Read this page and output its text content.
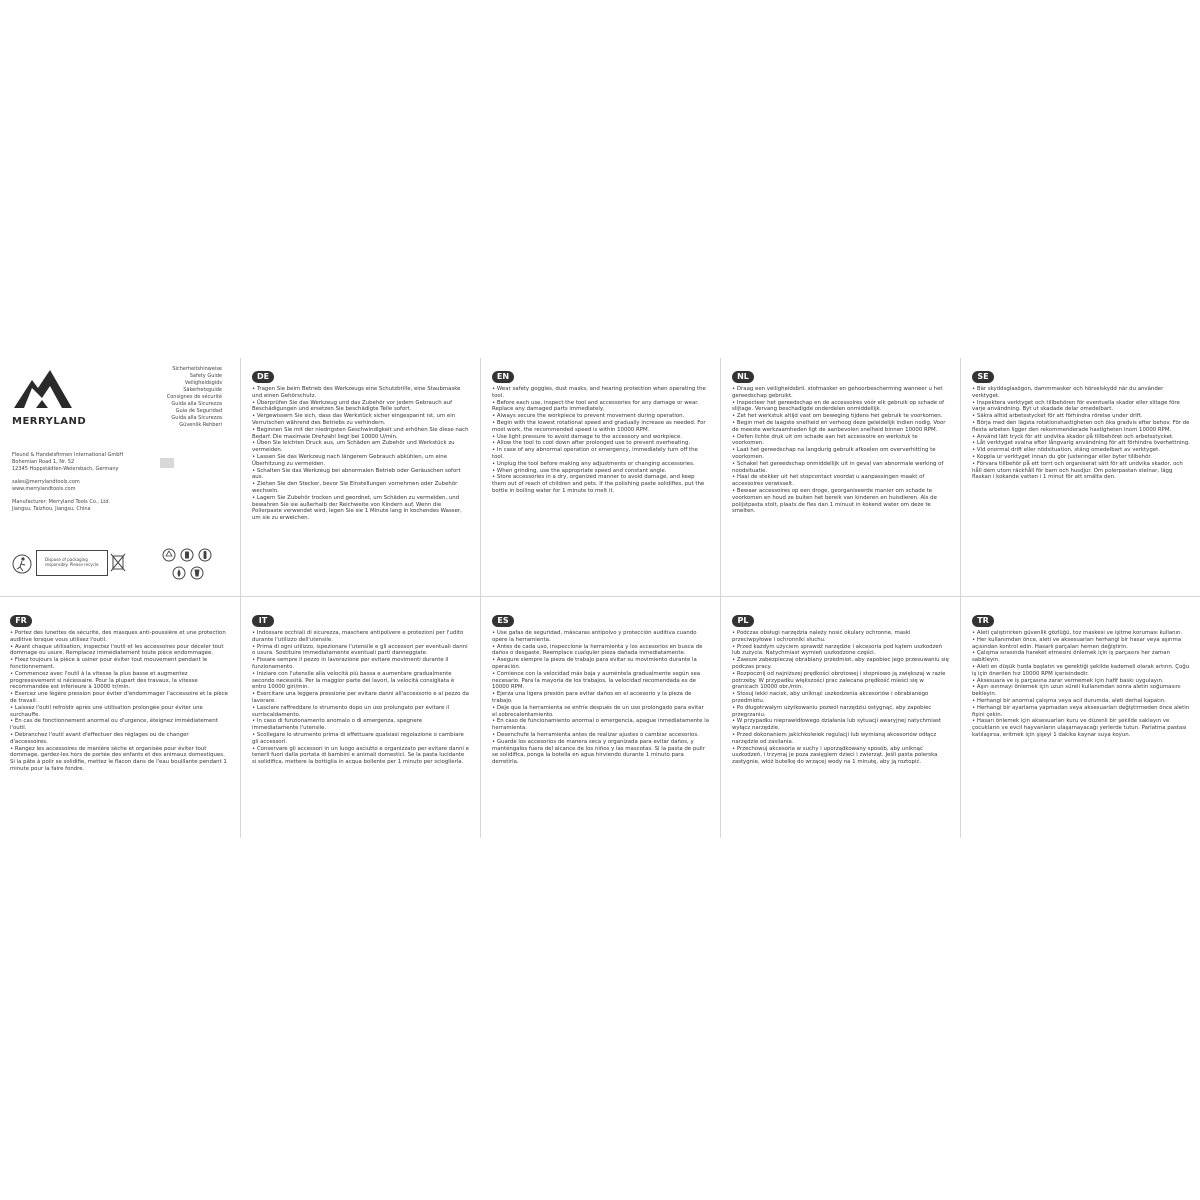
MERRYLAND
Sicherheitshinweise
Safety Guide
Veiligheidsgids
Säkerhetsguide
Consignes de sécurité
Guida alla Sicurezza
Guía de Seguridad
Guida alla Sicurezza
Güvenlik Rehberi
Fleund & Handelsfirmen International GmbH
Bohemian Road 1, Nr. 52
12345 Hoppstädten-Weiersbach, Germany
sales@merrylandtools.com
www.merrylandtools.com
Manufacturer: Merryland Tools Co., Ltd.
Jiangsu, Taizhou, Jiangsu, China
Dispose of packaging responsibly. Please recycle.
DE

• Tragen Sie beim Betrieb des Werkzeugs eine Schutzbrille, eine Staubmaske und einen Gehörschutz.

• Überprüfen Sie das Werkzeug und das Zubehör vor jedem Gebrauch auf Beschädigungen und ersetzen Sie beschädigte Teile sofort.

• Vergewissern Sie sich, dass das Werkstück sicher eingespannt ist, um ein Verrutschen während des Betriebs zu verhindern.

• Beginnen Sie mit der niedrigsten Geschwindigkeit und erhöhen Sie diese nach Bedarf. Die maximale Drehzahl liegt bei 10000 U/min.

• Üben Sie leichten Druck aus, um Schäden am Zubehör und Werkstück zu vermeiden.

• Lassen Sie das Werkzeug nach längerem Gebrauch abkühlen, um eine Überhitzung zu vermeiden.

• Schalten Sie das Werkzeug bei abnormalen Betrieb oder Geräuschen sofort aus.

• Ziehen Sie den Stecker, bevor Sie Einstellungen vornehmen oder Zubehör wechseln.

• Lagern Sie Zubehör trocken und geordnet, um Schäden zu vermeiden, und bewahren Sie sie außerhalb der Reichweite von Kindern auf. Wenn die Polierpaste verwendet wird, legen Sie sie 1 Minute lang in kochendes Wasser, um sie zu erweichen.

EN

• Wear safety goggles, dust masks, and hearing protection when operating the tool.

• Before each use, inspect the tool and accessories for any damage or wear. Replace any damaged parts immediately.

• Always secure the workpiece to prevent movement during operation.

• Begin with the lowest rotational speed and gradually increase as needed. For most work, the recommended speed is within 10000 RPM.

• Use light pressure to avoid damage to the accessory and workpiece.

• Allow the tool to cool down after prolonged use to prevent overheating.

• In case of any abnormal operation or emergency, immediately turn off the tool.

• Unplug the tool before making any adjustments or changing accessories.

• When grinding, use the appropriate speed and constant angle.

• Store accessories in a dry, organized manner to avoid damage, and keep them out of reach of children and pets. If the polishing paste solidifies, put the bottle in boiling water for 1 minute to melt it.

NL

• Draag een veiligheidsbril, stofmasker en gehoorbescherming wanneer u het gereedschap gebruikt.

• Inspecteer het gereedschap en de accessoires vóór elk gebruik op schade of slijtage. Vervang beschadigde onderdelen onmiddellijk.

• Zet het werkstuk altijd vast om beweging tijdens het gebruik te voorkomen.

• Begin met de laagste snelheid en verhoog deze geleidelijk indien nodig. Voor de meeste werkzaamheden ligt de aanbevolen snelheid binnen 10000 RPM.

• Oefen lichte druk uit om schade aan het accessoire en werkstuk te voorkomen.

• Laat het gereedschap na langdurig gebruik afkoelen om oververhitting te voorkomen.

• Schakel het gereedschap onmiddellijk uit in geval van abnormale werking of noodsituatie.

• Haal de stekker uit het stopcontact voordat u aanpassingen maakt of accessoires verwisselt.

• Bewaar accessoires op een droge, georganiseerde manier om schade te voorkomen en houd ze buiten het bereik van kinderen en huisdieren. Als de polijstpasta stolt, plaats de fles dan 1 minuut in kokend water om deze te smelten.

SE

• Bär skyddsglasögon, dammmasker och hörselskydd när du använder verktyget.

• Inspektera verktyget och tillbehören för eventuella skador eller slitage före varje användning. Byt ut skadade delar omedelbart.

• Säkra alltid arbetsstycket för att förhindra rörelse under drift.

• Börja med den lägsta rotationshastigheten och öka gradvis efter behov. För de flesta arbeten ligger den rekommenderade hastigheten inom 10000 RPM.

• Använd lätt tryck för att undvika skador på tillbehöret och arbetsstycket.

• Låt verktyget svalna efter långvarig användning för att förhindra överhettning.

• Vid onormal drift eller nödsituation, stäng omedelbart av verktyget.

• Koppla ur verktyget innan du gör justeringar eller byter tillbehör.

• Förvara tillbehör på ett torrt och organiserat sätt för att undvika skador, och håll dem utom räckhåll för barn och husdjur. Om polerpastan stelnar, lägg flaskan i kokande vatten i 1 minut för att smälta den.

FR

• Portez des lunettes de sécurité, des masques anti-poussière et une protection auditive lorsque vous utilisez l'outil.

• Avant chaque utilisation, inspectez l'outil et les accessoires pour déceler tout dommage ou usure. Remplacez immédiatement toute pièce endommagée.

• Fixez toujours la pièce à usiner pour éviter tout mouvement pendant le fonctionnement.

• Commencez avec l'outil à la vitesse la plus basse et augmentez progressivement si nécessaire. Pour la plupart des travaux, la vitesse recommandée est inférieure à 10000 tr/min.

• Exercez une légère pression pour éviter d'endommager l'accessoire et la pièce de travail.

• Laissez l'outil refroidir après une utilisation prolongée pour éviter une surchauffe.

• En cas de fonctionnement anormal ou d'urgence, éteignez immédiatement l'outil.

• Débranchez l'outil avant d'effectuer des réglages ou de changer d'accessoires.

• Rangez les accessoires de manière sèche et organisée pour éviter tout dommage, gardez-les hors de portée des enfants et des animaux domestiques. Si la pâte à polir se solidifie, mettez le flacon dans de l'eau bouillante pendant 1 minute pour la faire fondre.

IT

• Indossare occhiali di sicurezza, maschere antipolvere e protezioni per l'udito durante l'utilizzo dell'utensile.

• Prima di ogni utilizzo, ispezionare l'utensile e gli accessori per eventuali danni o usura. Sostituire immediatamente eventuali parti danneggiate.

• Fissare sempre il pezzo in lavorazione per evitare movimenti durante il funzionamento.

• Iniziare con l'utensile alla velocità più bassa e aumentare gradualmente secondo necessità. Per la maggior parte dei lavori, la velocità consigliata è entro 10000 giri/min.

• Esercitare una leggera pressione per evitare danni all'accessorio e al pezzo da lavorare.

• Lasciare raffreddare lo strumento dopo un uso prolungato per evitare il surriscaldamento.

• In caso di funzionamento anomalo o di emergenza, spegnere immediatamente l'utensile.

• Scollegare lo strumento prima di effettuare qualsiasi regolazione o cambiare gli accessori.

• Conservare gli accessori in un luogo asciutto e organizzato per evitare danni e tenerli fuori dalla portata di bambini e animali domestici. Se la pasta lucidante si solidifica, mettere la bottiglia in acqua bollente per 1 minuto per scioglierla.

ES

• Use gafas de seguridad, máscaras antipolvo y protección auditiva cuando opere la herramienta.

• Antes de cada uso, inspeccione la herramienta y los accesorios en busca de daños o desgaste. Reemplace cualquier pieza dañada inmediatamente.

• Asegure siempre la pieza de trabajo para evitar su movimiento durante la operación.

• Comience con la velocidad más baja y auméntela gradualmente según sea necesario. Para la mayoría de los trabajos, la velocidad recomendada es de 10000 RPM.

• Ejerza una ligera presión para evitar daños en el accesorio y la pieza de trabajo.

• Deje que la herramienta se enfríe después de un uso prolongado para evitar el sobrecalentamiento.

• En caso de funcionamiento anormal o emergencia, apague inmediatamente la herramienta.

• Desenchufe la herramienta antes de realizar ajustes o cambiar accesorios.

• Guarde los accesorios de manera seca y organizada para evitar daños, y manténgalos fuera del alcance de los niños y las mascotas. Si la pasta de pulir se solidifica, ponga la botella en agua hirviendo durante 1 minuto para derretirla.

PL

• Podczas obsługi narzędzia należy nosić okulary ochronne, maski przeciwpyłowe i ochronniki słuchu.

• Przed każdym użyciem sprawdź narzędzie i akcesoria pod kątem uszkodzeń lub zużycia. Natychmiast wymień uszkodzone części.

• Zawsze zabezpieczaj obrabiany przedmiot, aby zapobiec jego przesuwaniu się podczas pracy.

• Rozpocznij od najniższej prędkości obrotowej i stopniowo ją zwiększaj w razie potrzeby. W przypadku większości prac zalecana prędkość mieści się w granicach 10000 obr./min.

• Stosuj lekki nacisk, aby uniknąć uszkodzenia akcesoriów i obrabianego przedmiotu.

• Po długotrwałym użytkowaniu pozwól narzędziu ostygnąć, aby zapobiec przegrzaniu.

• W przypadku nieprawidłowego działania lub sytuacji awaryjnej natychmiast wyłącz narzędzie.

• Przed dokonaniem jakichkolwiek regulacji lub wymianą akcesoriów odłącz narzędzie od zasilania.

• Przechowuj akcesoria w suchy i uporządkowany sposób, aby uniknąć uszkodzeń, i trzymaj je poza zasięgiem dzieci i zwierząt. Jeśli pasta polerska zastygnie, włóż butelkę do wrzącej wody na 1 minutę, aby ją roztopić.

TR

• Aleti çalıştırırken güvenlik gözlüğü, toz maskesi ve işitme koruması kullanın.

• Her kullanımdan önce, aleti ve aksesuarları herhangi bir hasar veya aşınma açısından kontrol edin. Hasarlı parçaları hemen değiştirin.

• Çalışma sırasında hareket etmesini önlemek için iş parçasını her zaman sabitleyin.

• Aleti en düşük hızda başlatın ve gerektiği şekilde kademeli olarak artırın. Çoğu iş için önerilen hız 10000 RPM içerisindedir.

• Aksesuara ve iş parçasına zarar vermemek için hafif baskı uygulayın.

• Aşırı ısınmayı önlemek için uzun süreli kullanımdan sonra aletin soğumasını bekleyin.

• Herhangi bir anormal çalışma veya acil durumda, aleti derhal kapatın.

• Herhangi bir ayarlama yapmadan veya aksesuarları değiştirmeden önce aletin fişini çekin.

• Hasarı önlemek için aksesuarları kuru ve düzenli bir şekilde saklayın ve çocukların ve evcil hayvanların ulaşamayacağı yerlerde tutun. Parlatma pastası katılaşırsa, eritmek için şişeyi 1 dakika kaynar suya koyun.
